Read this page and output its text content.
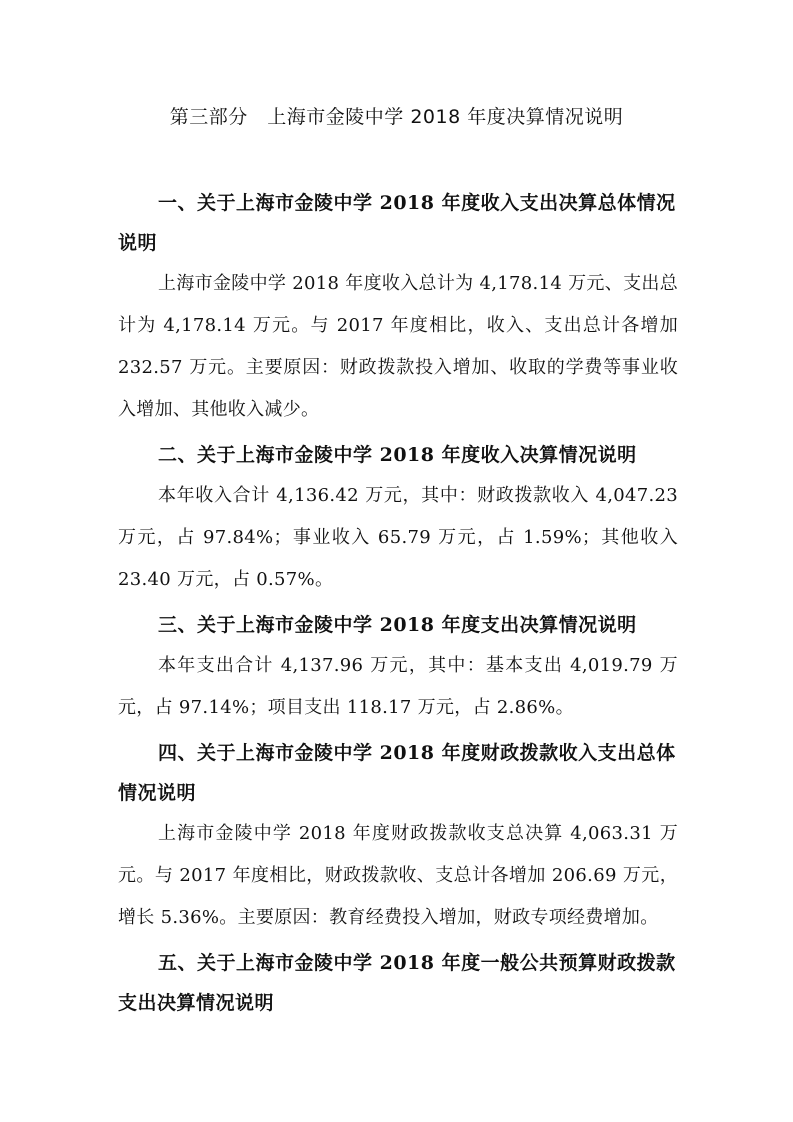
第三部分　上海市金陵中学 2018 年度决算情况说明

一、关于上海市金陵中学 2018 年度收入支出决算总体情况说明

上海市金陵中学 2018 年度收入总计为 4,178.14 万元、支出总计为 4,178.14 万元。与 2017 年度相比，收入、支出总计各增加 232.57 万元。主要原因：财政拨款投入增加、收取的学费等事业收入增加、其他收入减少。

二、关于上海市金陵中学 2018 年度收入决算情况说明

本年收入合计 4,136.42 万元，其中：财政拨款收入 4,047.23 万元，占 97.84%；事业收入 65.79 万元，占 1.59%；其他收入 23.40 万元，占 0.57%。

三、关于上海市金陵中学 2018 年度支出决算情况说明

本年支出合计 4,137.96 万元，其中：基本支出 4,019.79 万元，占 97.14%；项目支出 118.17 万元，占 2.86%。

四、关于上海市金陵中学 2018 年度财政拨款收入支出总体情况说明

上海市金陵中学 2018 年度财政拨款收支总决算 4,063.31 万元。与 2017 年度相比，财政拨款收、支总计各增加 206.69 万元，增长 5.36%。主要原因：教育经费投入增加，财政专项经费增加。

五、关于上海市金陵中学 2018 年度一般公共预算财政拨款支出决算情况说明
